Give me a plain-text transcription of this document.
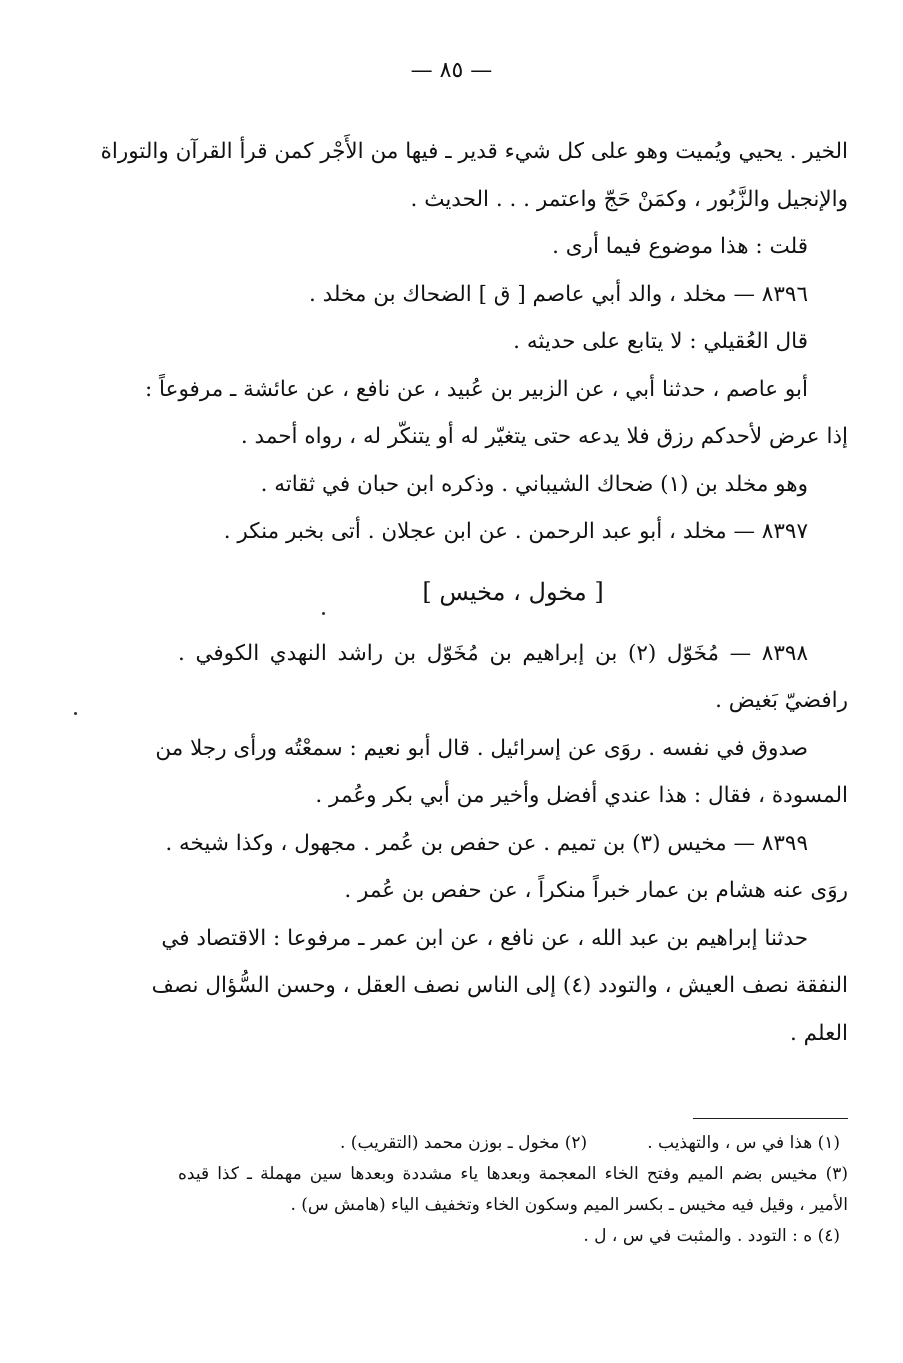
— ٨٥ —
الخير . يحيي ويُميت وهو على كل شيء قدير ـ فيها من الأَجْر كمن قرأ القرآن والتوراة
والإنجيل والزَّبُور ، وكمَنْ حَجّ واعتمر . . . الحديث .
قلت : هذا موضوع فيما أرى .
٨٣٩٦ — مخلد ، والد أبي عاصم [ ق ] الضحاك بن مخلد .
قال العُقيلي : لا يتابع على حديثه .
أبو عاصم ، حدثنا أبي ، عن الزبير بن عُبيد ، عن نافع ، عن عائشة ـ مرفوعاً :
إذا عرض لأحدكم رزق فلا يدعه حتى يتغيّر له أو يتنكّر له ، رواه أحمد .
وهو مخلد بن (١) ضحاك الشيباني . وذكره ابن حبان في ثقاته .
٨٣٩٧ — مخلد ، أبو عبد الرحمن . عن ابن عجلان . أتى بخبر منكر .
[ مخول ، مخيس ]
٨٣٩٨ — مُخَوّل (٢) بن إبراهيم بن مُخَوّل بن راشد النهدي الكوفي .
رافضيّ بَغيض .
صدوق في نفسه . روَى عن إسرائيل . قال أبو نعيم : سمعْتُه ورأى رجلا من
المسودة ، فقال : هذا عندي أفضل وأخير من أبي بكر وعُمر .
٨٣٩٩ — مخيس (٣) بن تميم . عن حفص بن عُمر . مجهول ، وكذا شيخه .
روَى عنه هشام بن عمار خبراً منكراً ، عن حفص بن عُمر .
حدثنا إبراهيم بن عبد الله ، عن نافع ، عن ابن عمر ـ مرفوعا : الاقتصاد في
النفقة نصف العيش ، والتودد (٤) إلى الناس نصف العقل ، وحسن السُّؤال نصف
العلم .
(١) هذا في س ، والتهذيب .
(٢) مخول ـ بوزن محمد (التقريب) .
(٣) مخيس بضم الميم وفتح الخاء المعجمة وبعدها ياء مشددة وبعدها سين مهملة ـ كذا قيده
الأمير ، وقيل فيه مخيس ـ بكسر الميم وسكون الخاء وتخفيف الياء (هامش س) .
(٤) ه : التودد . والمثبت في س ، ل .
